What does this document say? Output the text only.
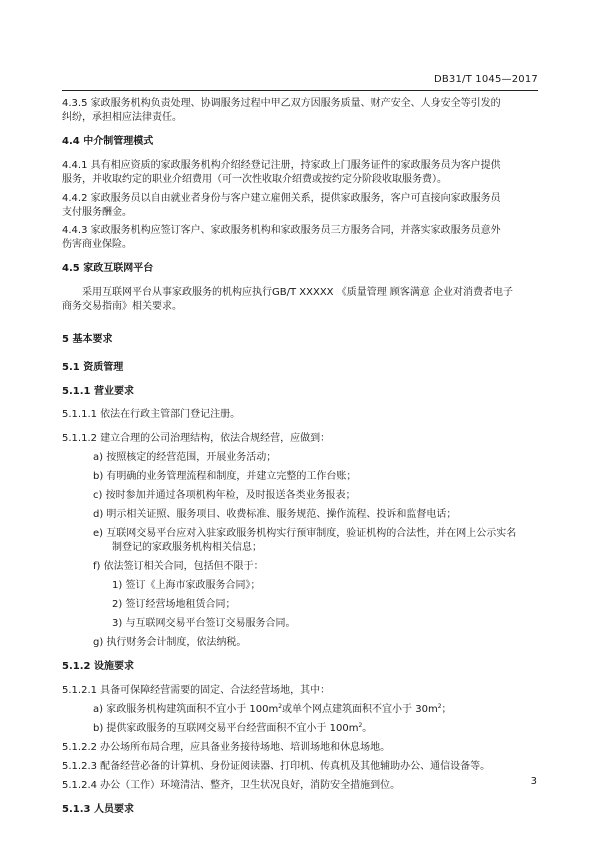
DB31/T 1045—2017
4.3.5 家政服务机构负责处理、协调服务过程中甲乙双方因服务质量、财产安全、人身安全等引发的
纠纷，承担相应法律责任。
4.4 中介制管理模式
4.4.1 具有相应资质的家政服务机构介绍经登记注册，持家政上门服务证件的家政服务员为客户提供
服务，并收取约定的职业介绍费用（可一次性收取介绍费或按约定分阶段收取服务费）。
4.4.2 家政服务员以自由就业者身份与客户建立雇佣关系，提供家政服务，客户可直接向家政服务员
支付服务酬金。
4.4.3 家政服务机构应签订客户、家政服务机构和家政服务员三方服务合同，并落实家政服务员意外
伤害商业保险。
4.5 家政互联网平台
采用互联网平台从事家政服务的机构应执行GB/T XXXXX 《质量管理 顾客满意 企业对消费者电子
商务交易指南》相关要求。
5 基本要求
5.1 资质管理
5.1.1 营业要求
5.1.1.1 依法在行政主管部门登记注册。
5.1.1.2 建立合理的公司治理结构，依法合规经营，应做到：
a) 按照核定的经营范围，开展业务活动；
b) 有明确的业务管理流程和制度，并建立完整的工作台账；
c) 按时参加并通过各项机构年检，及时报送各类业务报表；
d) 明示相关证照、服务项目、收费标准、服务规范、操作流程、投诉和监督电话；
e) 互联网交易平台应对入驻家政服务机构实行预审制度，验证机构的合法性，并在网上公示实名
制登记的家政服务机构相关信息；
f) 依法签订相关合同，包括但不限于：
1) 签订《上海市家政服务合同》；
2) 签订经营场地租赁合同；
3) 与互联网交易平台签订交易服务合同。
g) 执行财务会计制度，依法纳税。
5.1.2 设施要求
5.1.2.1 具备可保障经营需要的固定、合法经营场地，其中：
a) 家政服务机构建筑面积不宜小于 $100m^2$或单个网点建筑面积不宜小于 $30m^2$；
b) 提供家政服务的互联网交易平台经营面积不宜小于 $100m^2$。
5.1.2.2 办公场所布局合理，应具备业务接待场地、培训场地和休息场地。
5.1.2.3 配备经营必备的计算机、身份证阅读器、打印机、传真机及其他辅助办公、通信设备等。
5.1.2.4 办公（工作）环境清洁、整齐，卫生状况良好，消防安全措施到位。
5.1.3 人员要求
3
